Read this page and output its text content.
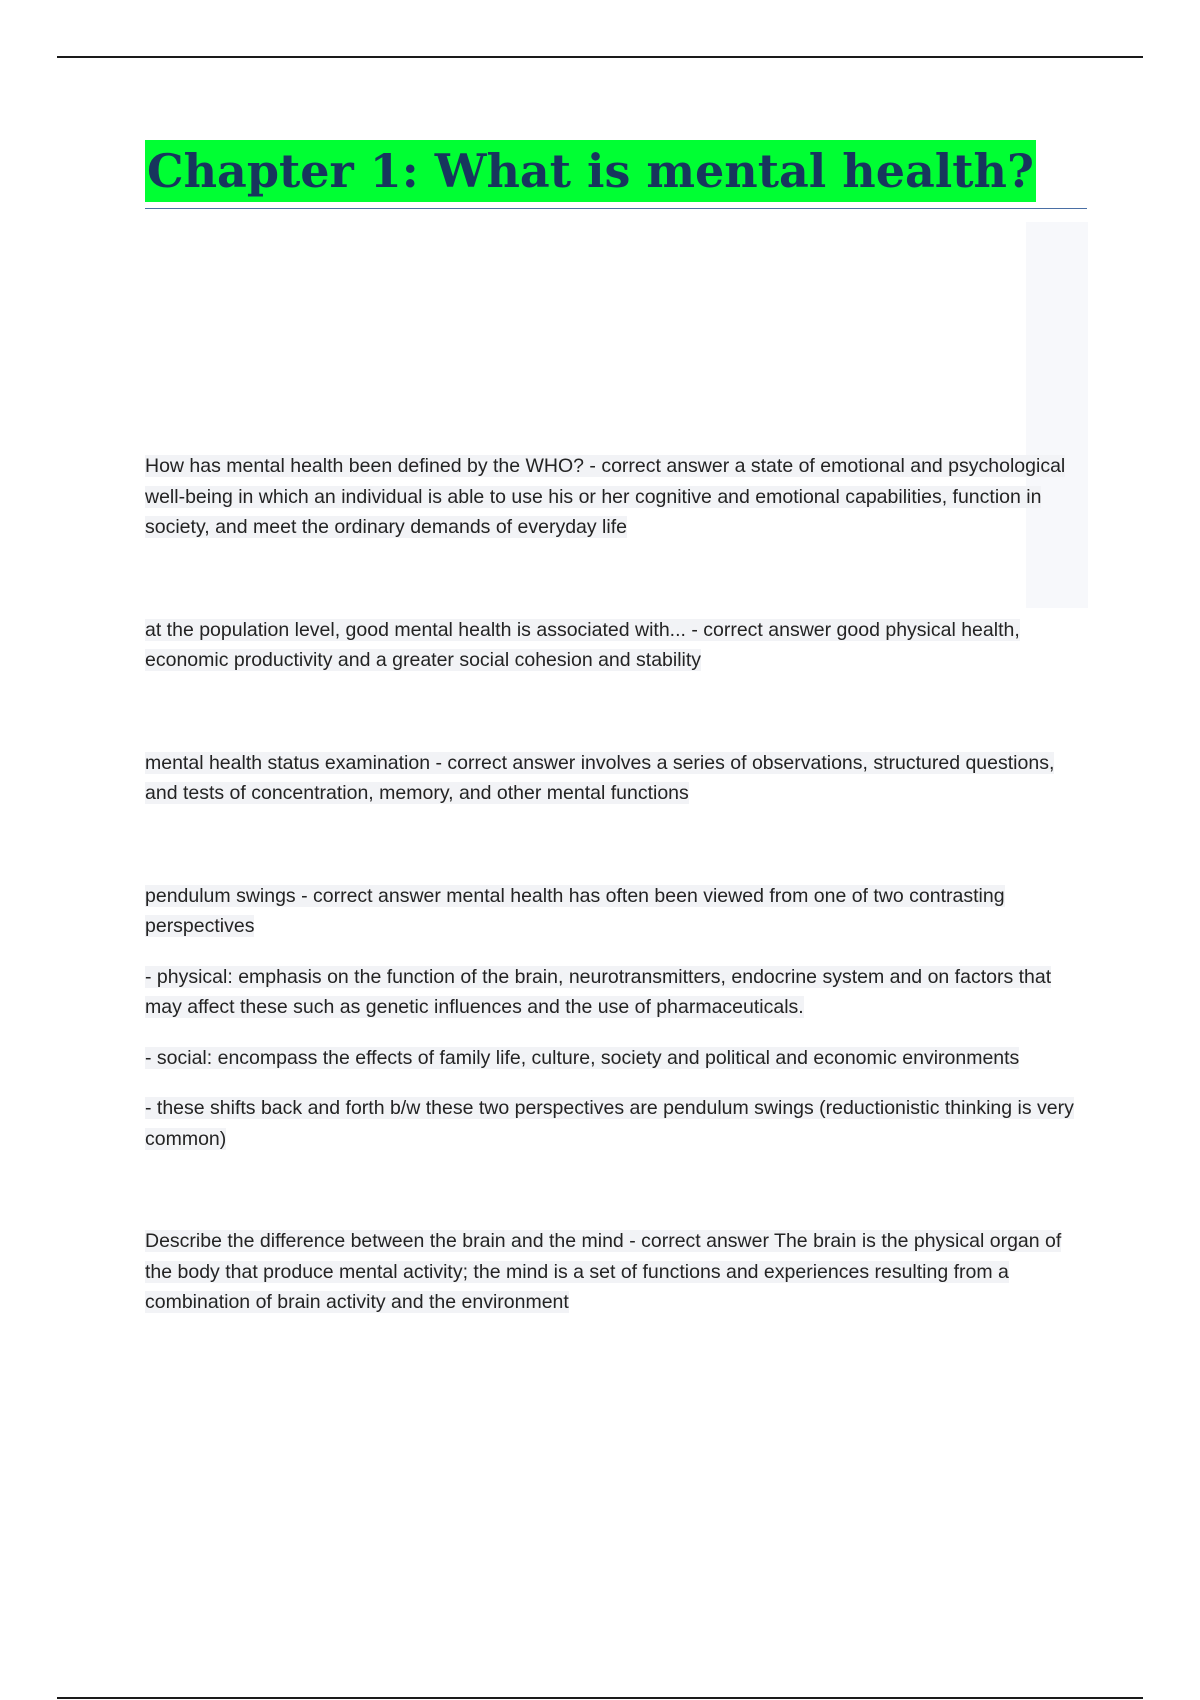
Chapter 1: What is mental health?

How has mental health been defined by the WHO? - correct answer a state of emotional and psychological well-being in which an individual is able to use his or her cognitive and emotional capabilities, function in society, and meet the ordinary demands of everyday life

at the population level, good mental health is associated with... - correct answer good physical health, economic productivity and a greater social cohesion and stability

mental health status examination - correct answer involves a series of observations, structured questions, and tests of concentration, memory, and other mental functions

pendulum swings - correct answer mental health has often been viewed from one of two contrasting perspectives

- physical: emphasis on the function of the brain, neurotransmitters, endocrine system and on factors that may affect these such as genetic influences and the use of pharmaceuticals.

- social: encompass the effects of family life, culture, society and political and economic environments

- these shifts back and forth b/w these two perspectives are pendulum swings (reductionistic thinking is very common)

Describe the difference between the brain and the mind - correct answer The brain is the physical organ of the body that produce mental activity; the mind is a set of functions and experiences resulting from a combination of brain activity and the environment
